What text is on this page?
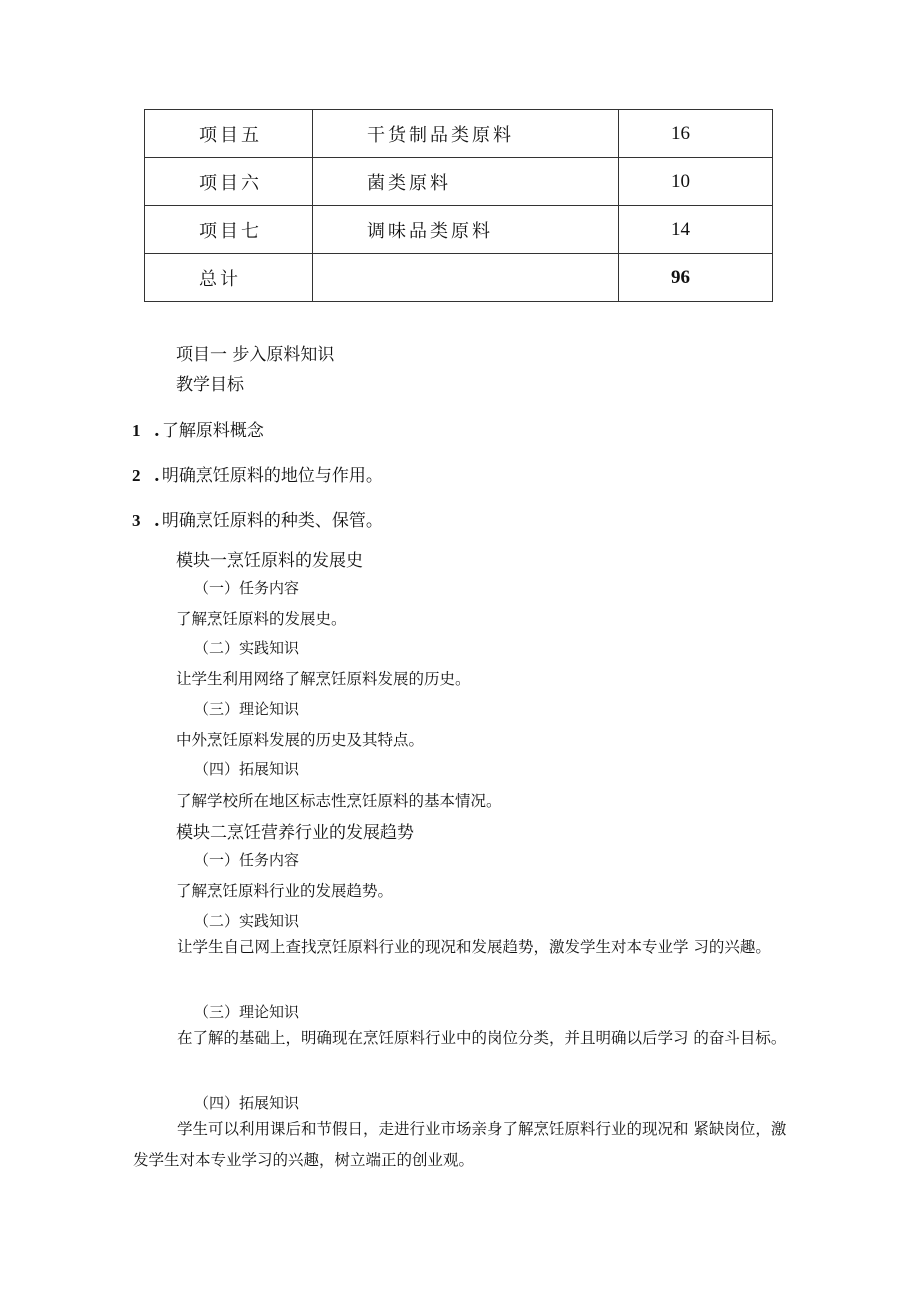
项目五	干货制品类原料	16
项目六	菌类原料	10
项目七	调味品类原料	14
总计		96
项目一 步入原料知识
教学目标
1 . 了解原料概念
2 . 明确烹饪原料的地位与作用。
3 . 明确烹饪原料的种类、保管。
模块一烹饪原料的发展史
（一）任务内容
了解烹饪原料的发展史。
（二）实践知识
让学生利用网络了解烹饪原料发展的历史。
（三）理论知识
中外烹饪原料发展的历史及其特点。
（四）拓展知识
了解学校所在地区标志性烹饪原料的基本情况。
模块二烹饪营养行业的发展趋势
（一）任务内容
了解烹饪原料行业的发展趋势。
（二）实践知识
让学生自己网上查找烹饪原料行业的现况和发展趋势，激发学生对本专业学 习的兴趣。
（三）理论知识
在了解的基础上，明确现在烹饪原料行业中的岗位分类，并且明确以后学习 的奋斗目标。
（四）拓展知识
学生可以利用课后和节假日，走进行业市场亲身了解烹饪原料行业的现况和 紧缺岗位，激发学生对本专业学习的兴趣，树立端正的创业观。
